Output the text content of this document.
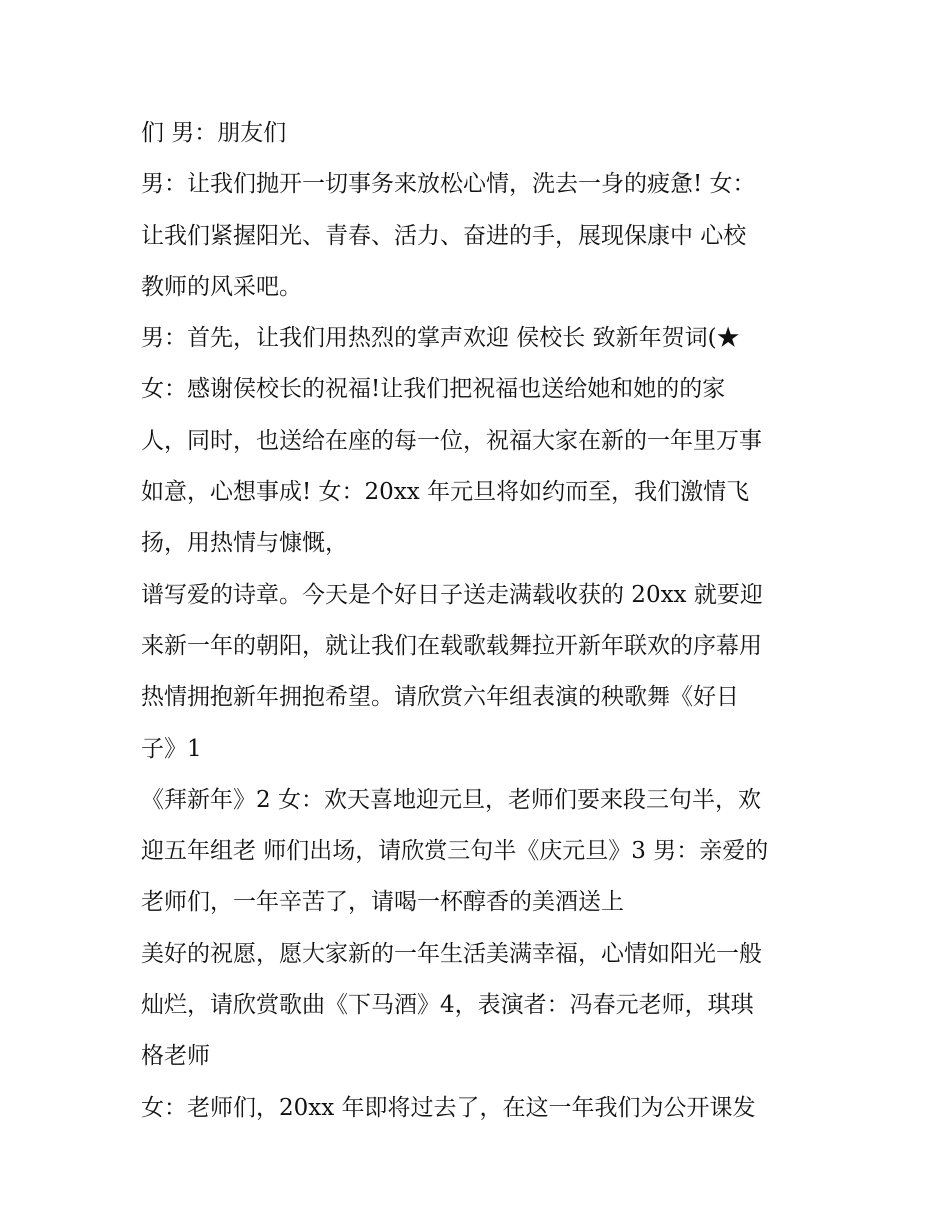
们 男：朋友们
男：让我们抛开一切事务来放松心情，洗去一身的疲惫! 女：
让我们紧握阳光、青春、活力、奋进的手，展现保康中 心校
教师的风采吧。
男：首先，让我们用热烈的掌声欢迎 侯校长 致新年贺词(★
女：感谢侯校长的祝福!让我们把祝福也送给她和她的的家
人，同时，也送给在座的每一位，祝福大家在新的一年里万事
如意，心想事成! 女：20xx 年元旦将如约而至，我们激情飞
扬，用热情与慷慨，
谱写爱的诗章。今天是个好日子送走满载收获的 20xx 就要迎
来新一年的朝阳，就让我们在载歌载舞拉开新年联欢的序幕用
热情拥抱新年拥抱希望。请欣赏六年组表演的秧歌舞《好日
子》1
《拜新年》2 女：欢天喜地迎元旦，老师们要来段三句半，欢
迎五年组老 师们出场，请欣赏三句半《庆元旦》3 男：亲爱的
老师们，一年辛苦了，请喝一杯醇香的美酒送上
美好的祝愿，愿大家新的一年生活美满幸福，心情如阳光一般
灿烂，请欣赏歌曲《下马酒》4，表演者：冯春元老师，琪琪
格老师
女：老师们，20xx 年即将过去了，在这一年我们为公开课发
